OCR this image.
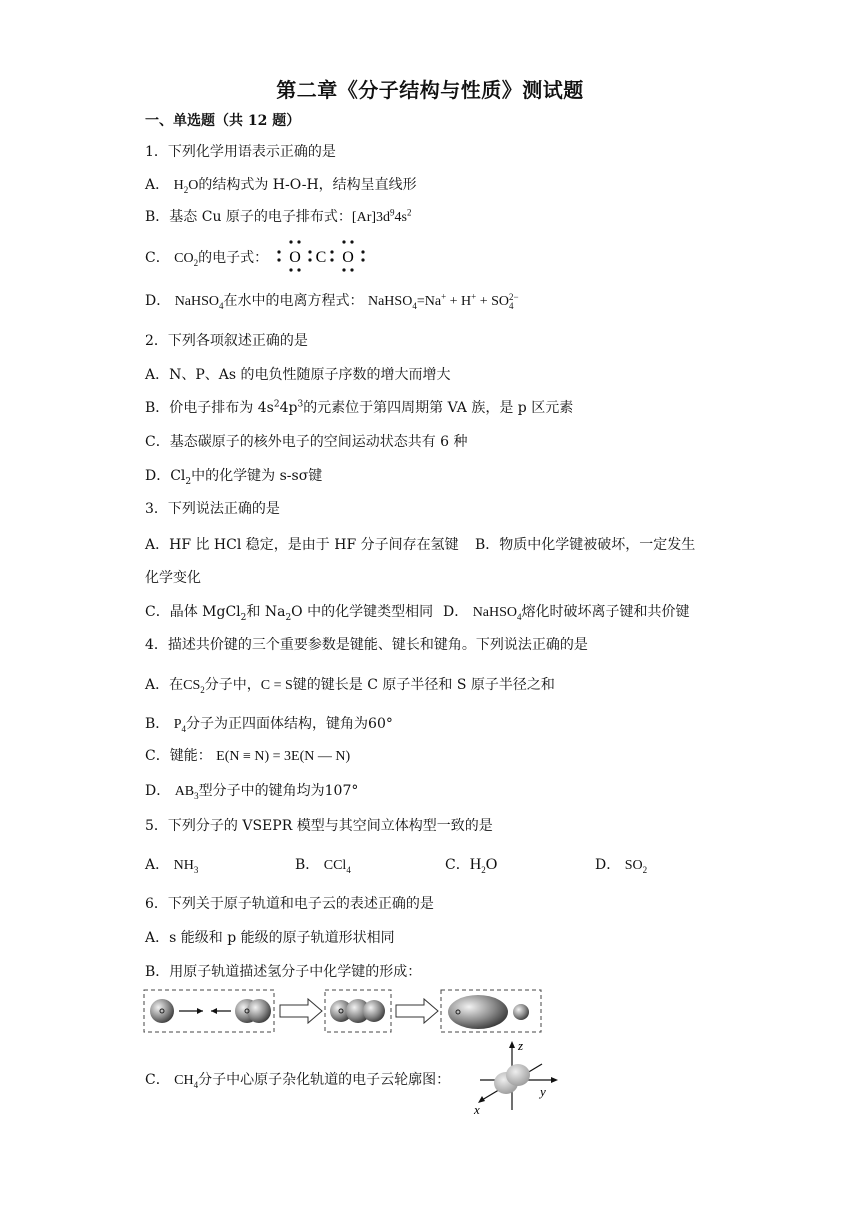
第二章《分子结构与性质》测试题
一、单选题（共 12 题）
1．下列化学用语表示正确的是
A． $H_2O$的结构式为 H-O-H，结构呈直线形
B．基态 Cu 原子的电子排布式：$[Ar]3d^94s^2$
C． $CO_2$的电子式： O C O
D． NaHSO$_4$在水中的电离方程式： NaHSO$_4$=Na+ + H+ + SO 2−
4
2．下列各项叙述正确的是
A．N、P、As 的电负性随原子序数的增大而增大
B．价电子排布为 $4s^24p^3$的元素位于第四周期第 VA 族，是 p 区元素
C．基态碳原子的核外电子的空间运动状态共有 6 种
D．$Cl_2$中的化学键为 s-sσ键
3．下列说法正确的是
A．HF 比 HCl 稳定，是由于 HF 分子间存在氢键 B．物质中化学键被破坏，一定发生
化学变化
C．晶体 MgCl$_2$和 $Na_2O$ 中的化学键类型相同 D． NaHSO$_4$熔化时破坏离子键和共价键
4．描述共价键的三个重要参数是键能、键长和键角。下列说法正确的是
A．在$CS_2$分子中，C = S键的键长是 C 原子半径和 S 原子半径之和
B． $P_4$分子为正四面体结构，键角为60°
C．键能： E(N ≡ N) = 3E(N — N)
D． $AB_3$型分子中的键角均为107°
5．下列分子的 VSEPR 模型与其空间立体构型一致的是
A． $NH_3$	B． CCl$_4$	C．$H_2O$	D． $SO_2$
6．下列关于原子轨道和电子云的表述正确的是
A．s 能级和 p 能级的原子轨道形状相同
B．用原子轨道描述氢分子中化学键的形成：
C． $CH_4$分子中心原子杂化轨道的电子云轮廓图：
z
y
x
